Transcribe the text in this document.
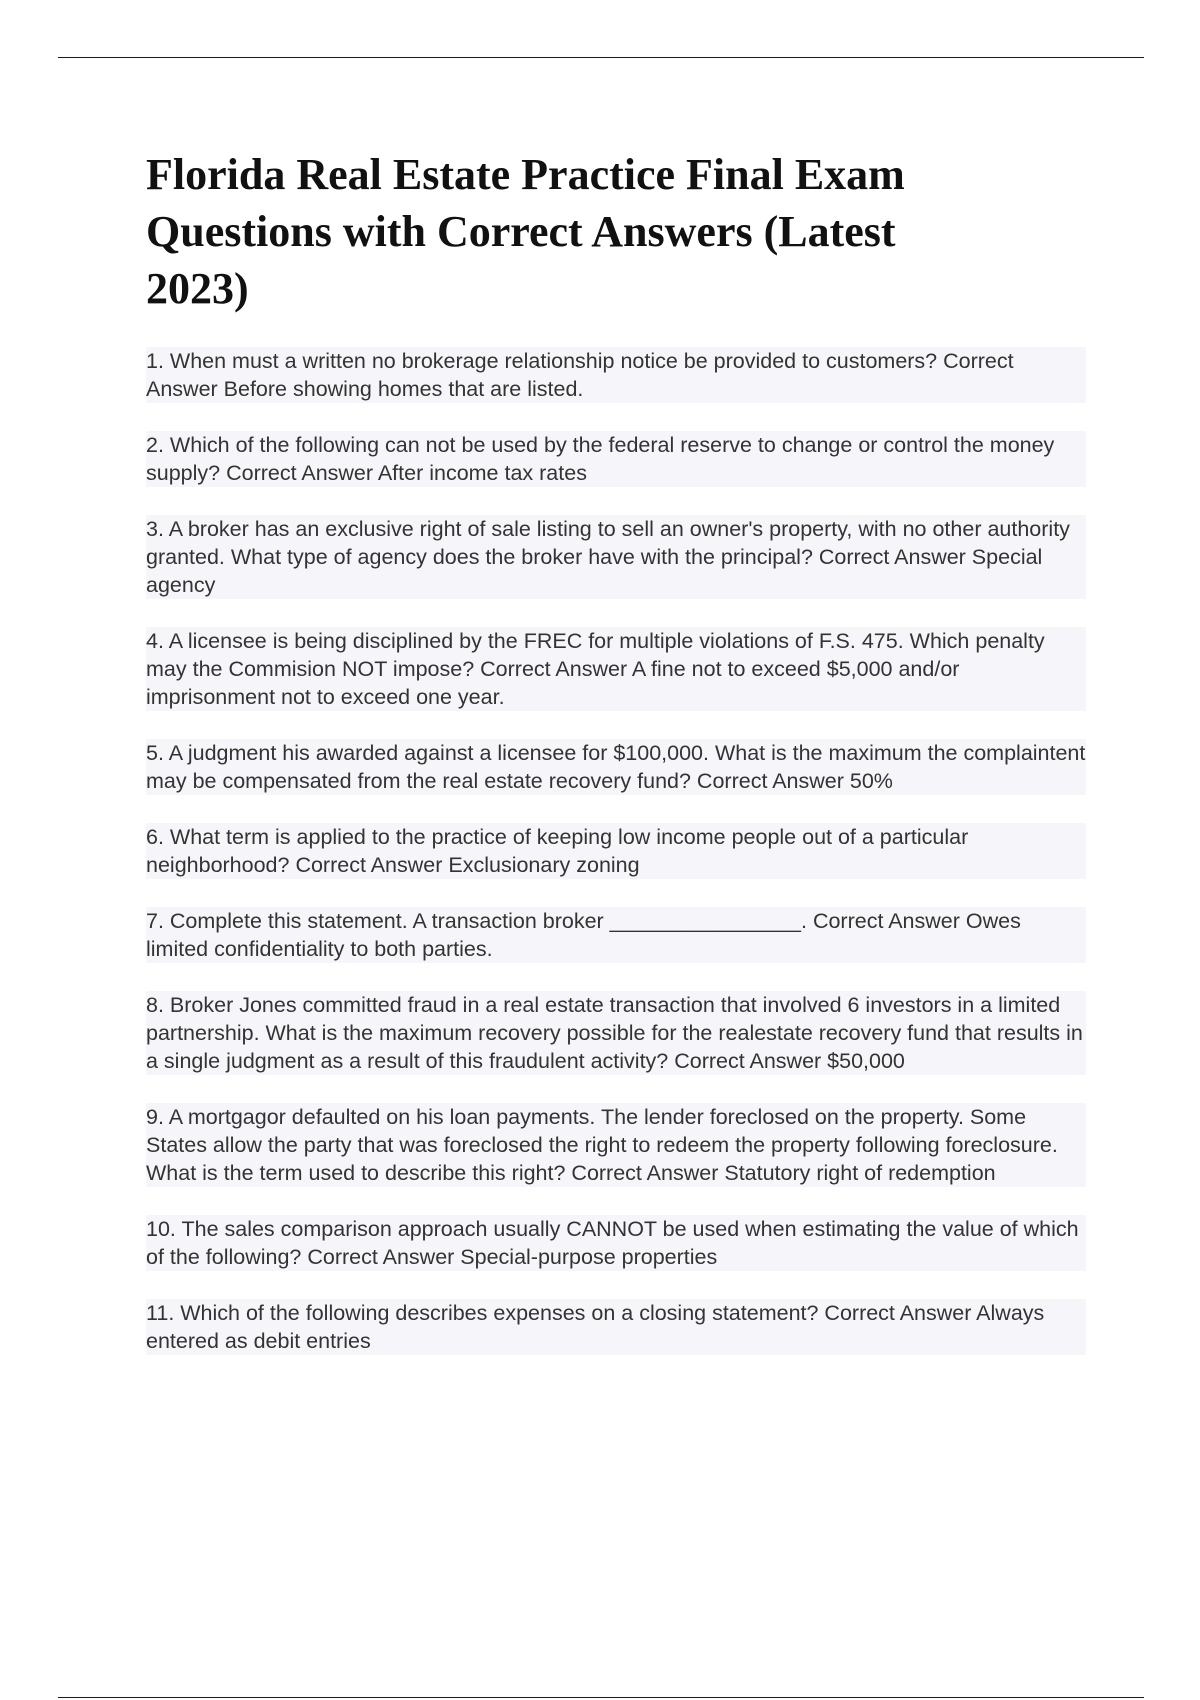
Florida Real Estate Practice Final Exam Questions with Correct Answers (Latest 2023)

1. When must a written no brokerage relationship notice be provided to customers? Correct Answer Before showing homes that are listed.

2. Which of the following can not be used by the federal reserve to change or control the money supply? Correct Answer After income tax rates

3. A broker has an exclusive right of sale listing to sell an owner's property, with no other authority granted. What type of agency does the broker have with the principal? Correct Answer Special agency

4. A licensee is being disciplined by the FREC for multiple violations of F.S. 475. Which penalty may the Commision NOT impose? Correct Answer A fine not to exceed $5,000 and/or imprisonment not to exceed one year.

5. A judgment his awarded against a licensee for $100,000. What is the maximum the complaintent may be compensated from the real estate recovery fund? Correct Answer 50%

6. What term is applied to the practice of keeping low income people out of a particular neighborhood? Correct Answer Exclusionary zoning

7. Complete this statement. A transaction broker ________________. Correct Answer Owes limited confidentiality to both parties.

8. Broker Jones committed fraud in a real estate transaction that involved 6 investors in a limited partnership. What is the maximum recovery possible for the realestate recovery fund that results in a single judgment as a result of this fraudulent activity? Correct Answer $50,000

9. A mortgagor defaulted on his loan payments. The lender foreclosed on the property. Some States allow the party that was foreclosed the right to redeem the property following foreclosure. What is the term used to describe this right? Correct Answer Statutory right of redemption

10. The sales comparison approach usually CANNOT be used when estimating the value of which of the following? Correct Answer Special-purpose properties

11. Which of the following describes expenses on a closing statement? Correct Answer Always entered as debit entries
